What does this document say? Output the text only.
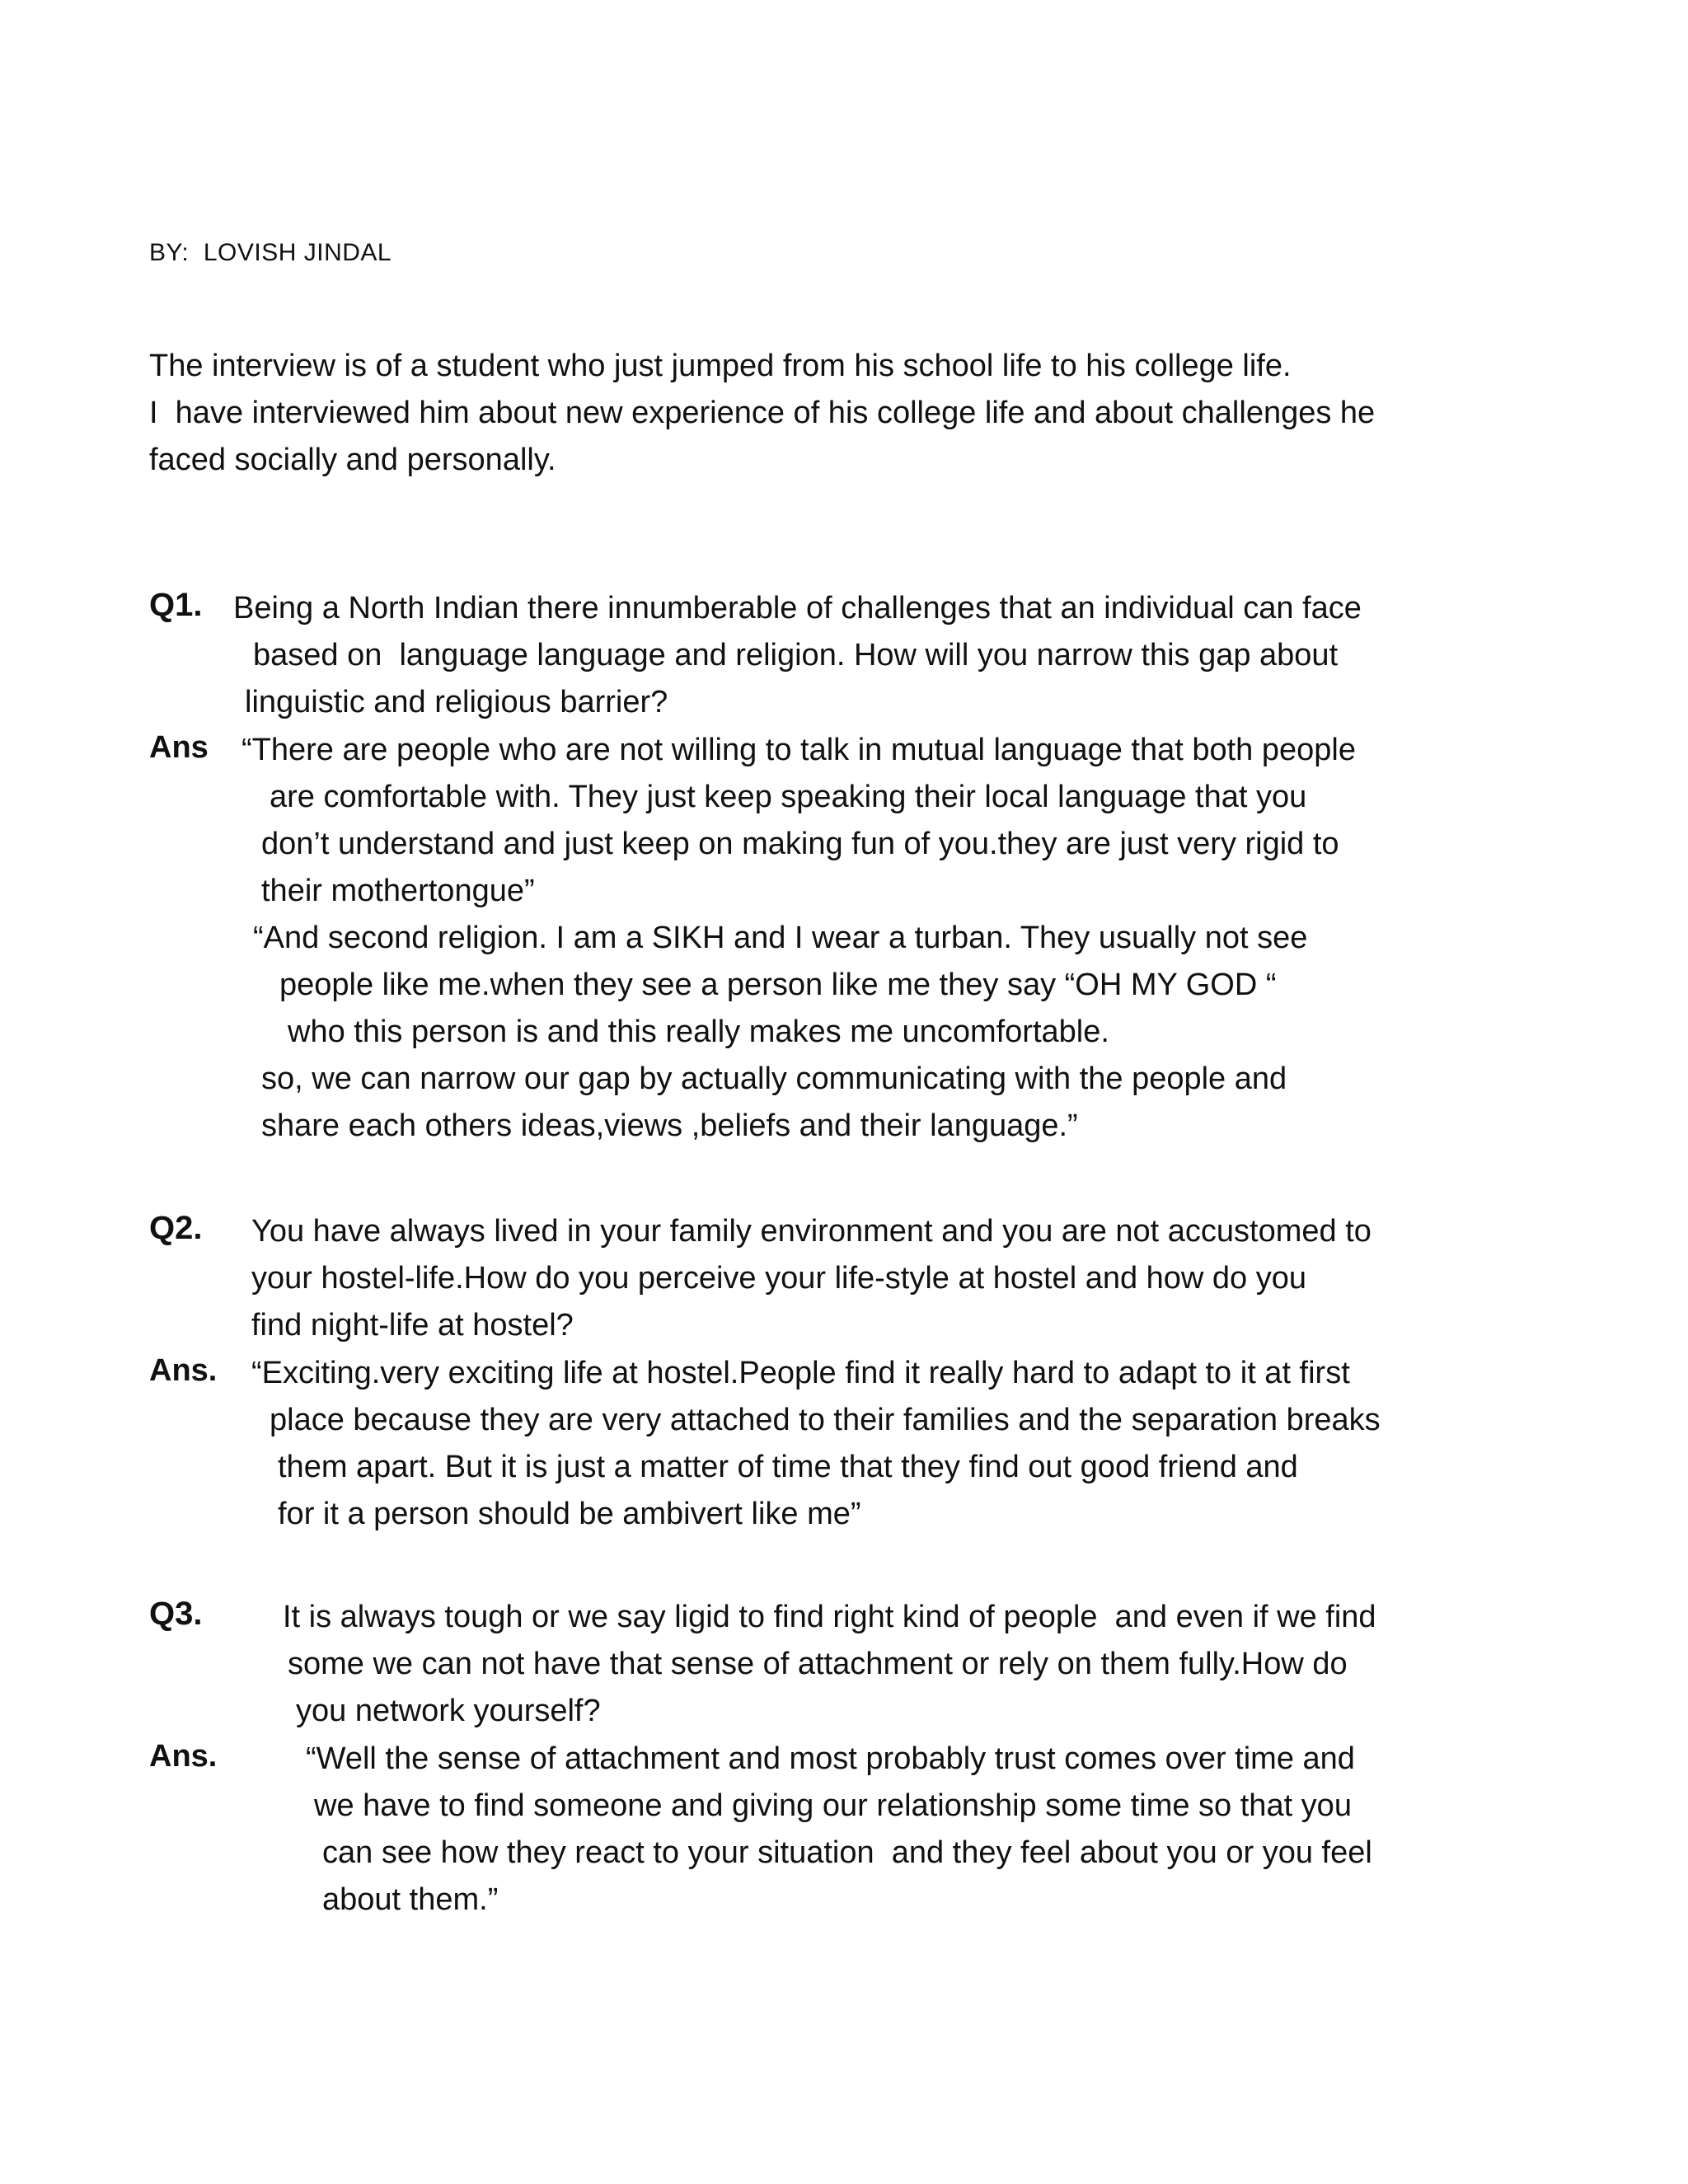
BY:  LOVISH JINDAL
The interview is of a student who just jumped from his school life to his college life.
I  have interviewed him about new experience of his college life and about challenges he
faced socially and personally.
Q1. Being a North Indian there innumberable of challenges that an individual can face
based on  language language and religion. How will you narrow this gap about
linguistic and religious barrier?
Ans “There are people who are not willing to talk in mutual language that both people
are comfortable with. They just keep speaking their local language that you
don’t understand and just keep on making fun of you.they are just very rigid to
their mothertongue”
“And second religion. I am a SIKH and I wear a turban. They usually not see
people like me.when they see a person like me they say “OH MY GOD “
who this person is and this really makes me uncomfortable.
so, we can narrow our gap by actually communicating with the people and
share each others ideas,views ,beliefs and their language.”
Q2. You have always lived in your family environment and you are not accustomed to
your hostel-life.How do you perceive your life-style at hostel and how do you
find night-life at hostel?
Ans. “Exciting.very exciting life at hostel.People find it really hard to adapt to it at first
place because they are very attached to their families and the separation breaks
them apart. But it is just a matter of time that they find out good friend and
for it a person should be ambivert like me”
Q3.	It is always tough or we say ligid to find right kind of people  and even if we find
some we can not have that sense of attachment or rely on them fully.How do
you network yourself?
Ans.	“Well the sense of attachment and most probably trust comes over time and
we have to find someone and giving our relationship some time so that you
can see how they react to your situation  and they feel about you or you feel
about them.”
